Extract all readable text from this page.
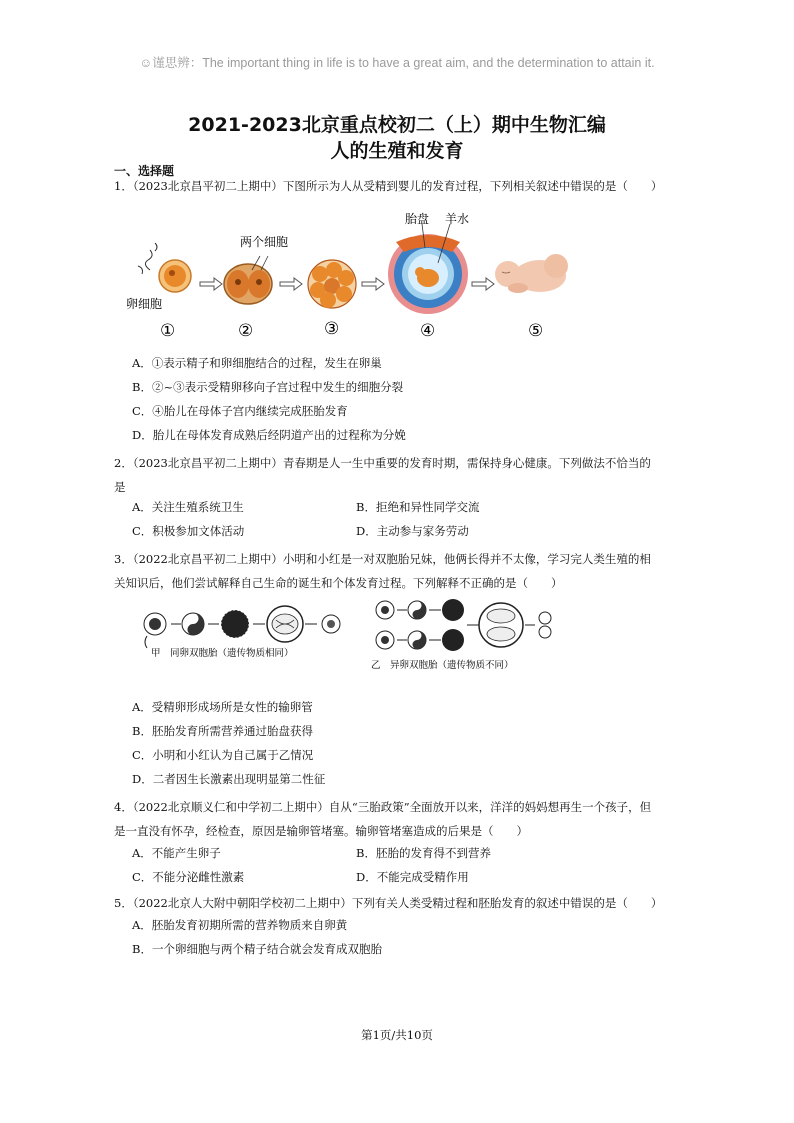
☺谨思辨：The important thing in life is to have a great aim, and the determination to attain it.
2021-2023北京重点校初二（上）期中生物汇编
人的生殖和发育
一、选择题
1．（2023北京昌平初二上期中）下图所示为人从受精到婴儿的发育过程，下列相关叙述中错误的是（　　）
卵细胞
两个细胞
胎盘 羊水
①	②	③	④	⑤
A．①表示精子和卵细胞结合的过程，发生在卵巢
B．②~③表示受精卵移向子宫过程中发生的细胞分裂
C．④胎儿在母体子宫内继续完成胚胎发育
D．胎儿在母体发育成熟后经阴道产出的过程称为分娩
2．（2023北京昌平初二上期中）青春期是人一生中重要的发育时期，需保持身心健康。下列做法不恰当的
是
A．关注生殖系统卫生	B．拒绝和异性同学交流
C．积极参加文体活动	D．主动参与家务劳动
3．（2022北京昌平初二上期中）小明和小红是一对双胞胎兄妹，他俩长得并不太像，学习完人类生殖的相
关知识后，他们尝试解释自己生命的诞生和个体发育过程。下列解释不正确的是（　　）
甲　同卵双胞胎（遗传物质相同）
乙　异卵双胞胎（遗传物质不同）
A．受精卵形成场所是女性的输卵管
B．胚胎发育所需营养通过胎盘获得
C．小明和小红认为自己属于乙情况
D．二者因生长激素出现明显第二性征
4．（2022北京顺义仁和中学初二上期中）自从“三胎政策”全面放开以来，洋洋的妈妈想再生一个孩子，但
是一直没有怀孕，经检查，原因是输卵管堵塞。输卵管堵塞造成的后果是（　　）
A．不能产生卵子	B．胚胎的发育得不到营养
C．不能分泌雌性激素	D．不能完成受精作用
5．（2022北京人大附中朝阳学校初二上期中）下列有关人类受精过程和胚胎发育的叙述中错误的是（　　）
A．胚胎发育初期所需的营养物质来自卵黄
B．一个卵细胞与两个精子结合就会发育成双胞胎
第1页/共10页
